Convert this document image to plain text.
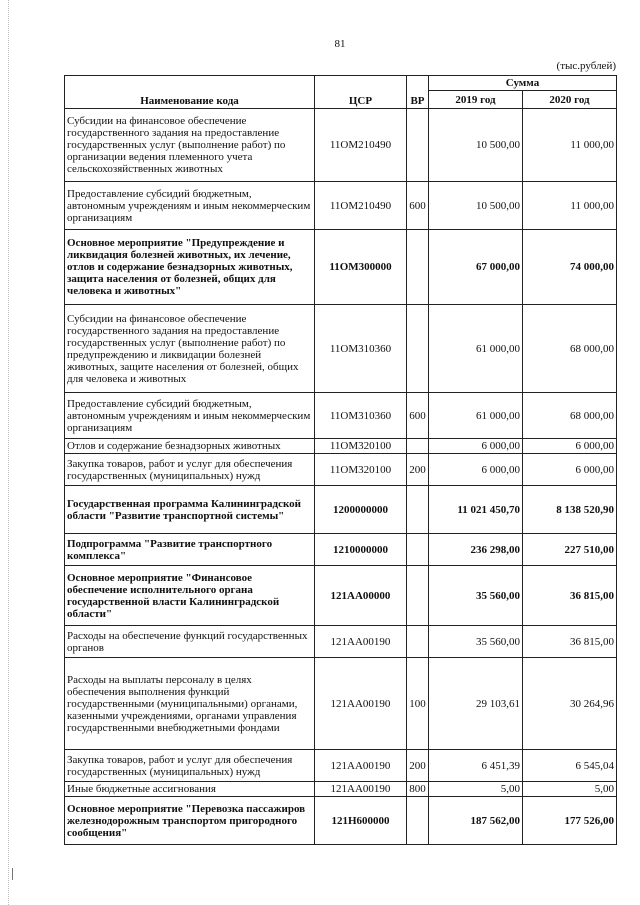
81
(тыс.рублей)
Наименование кода	ЦСР	ВР	Сумма	
			2019 год	2020 год
Субсидии на финансовое обеспечение государственного задания на предоставление государственных услуг (выполнение работ) по организации ведения племенного учета сельскохозяйственных животных	11ОМ210490		10 500,00	11 000,00
Предоставление субсидий бюджетным, автономным учреждениям и иным некоммерческим организациям	11ОМ210490	600	10 500,00	11 000,00
Основное мероприятие "Предупреждение и ликвидация болезней животных, их лечение, отлов и содержание безнадзорных животных, защита населения от болезней, общих для человека и животных"	11ОМ300000		67 000,00	74 000,00
Субсидии на финансовое обеспечение государственного задания на предоставление государственных услуг (выполнение работ) по предупреждению и ликвидации болезней животных, защите населения от болезней, общих для человека и животных	11ОМ310360		61 000,00	68 000,00
Предоставление субсидий бюджетным, автономным учреждениям и иным некоммерческим организациям	11ОМ310360	600	61 000,00	68 000,00
Отлов и содержание безнадзорных животных	11ОМ320100		6 000,00	6 000,00
Закупка товаров, работ и услуг для обеспечения государственных (муниципальных) нужд	11ОМ320100	200	6 000,00	6 000,00
Государственная программа Калининградской области "Развитие транспортной системы"	1200000000		11 021 450,70	8 138 520,90
Подпрограмма "Развитие транспортного комплекса"	1210000000		236 298,00	227 510,00
Основное мероприятие "Финансовое обеспечение исполнительного органа государственной власти Калининградской области"	121АА00000		35 560,00	36 815,00
Расходы на обеспечение функций государственных органов	121АА00190		35 560,00	36 815,00
Расходы на выплаты персоналу в целях обеспечения выполнения функций государственными (муниципальными) органами, казенными учреждениями, органами управления государственными внебюджетными фондами	121АА00190	100	29 103,61	30 264,96
Закупка товаров, работ и услуг для обеспечения государственных (муниципальных) нужд	121АА00190	200	6 451,39	6 545,04
Иные бюджетные ассигнования	121АА00190	800	5,00	5,00
Основное мероприятие "Перевозка пассажиров железнодорожным транспортом пригородного сообщения"	121Н600000		187 562,00	177 526,00
